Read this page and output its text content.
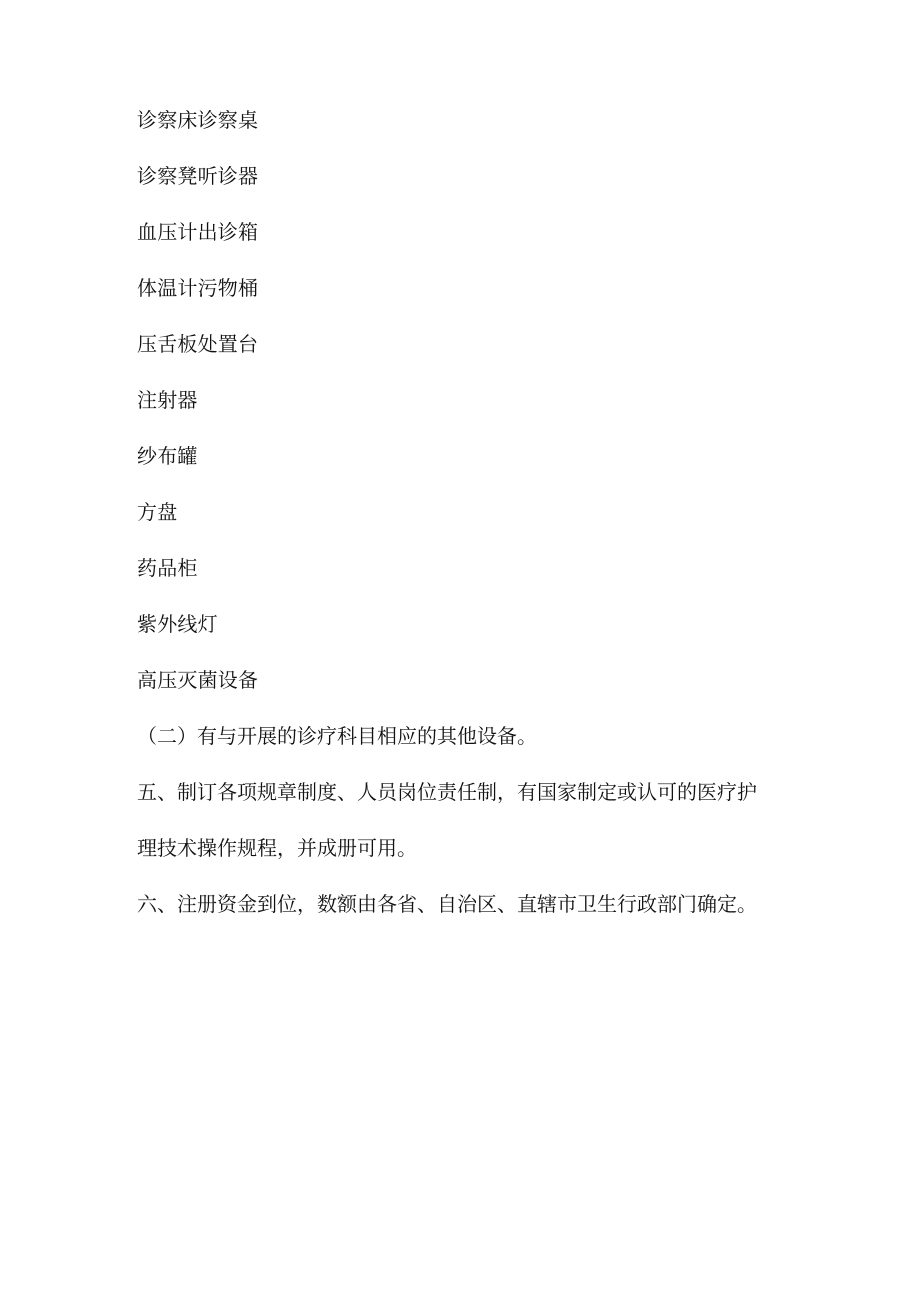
诊察床诊察桌
诊察凳听诊器
血压计出诊箱
体温计污物桶
压舌板处置台
注射器
纱布罐
方盘
药品柜
紫外线灯
高压灭菌设备

（二）有与开展的诊疗科目相应的其他设备。

五、制订各项规章制度、人员岗位责任制，有国家制定或认可的医疗护
理技术操作规程，并成册可用。

六、注册资金到位，数额由各省、自治区、直辖市卫生行政部门确定。
